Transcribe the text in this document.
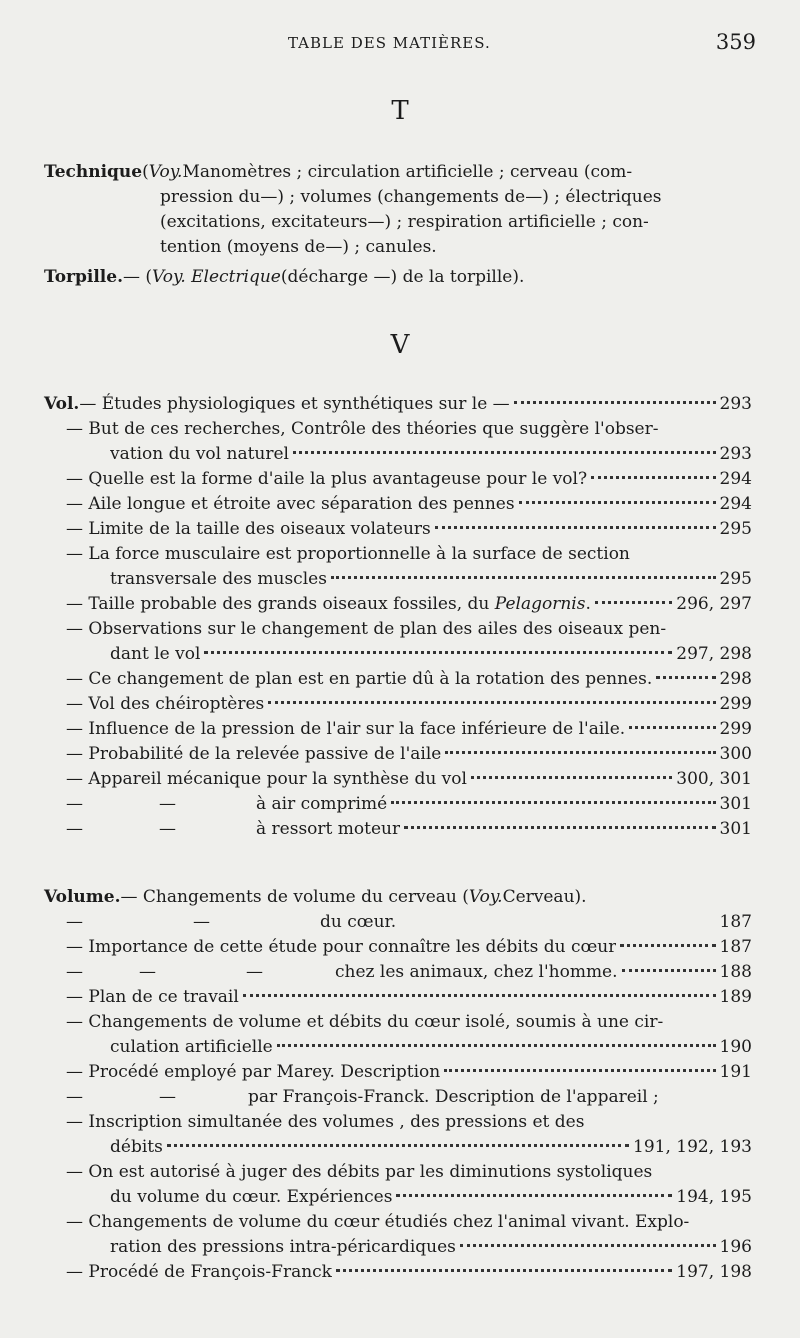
TABLE DES MATIÈRES.	359
T
Technique ( Voy. Manomètres ; circulation artificielle ; cerveau (com-
pression du—) ; volumes (changements de—) ; électriques
(excitations, excitateurs—) ; respiration artificielle ; con-
tention (moyens de—) ; canules.
Torpille. — ( Voy. Electrique (décharge —) de la torpille).
V
Vol. — Études physiologiques et synthétiques sur le —	293
— But de ces recherches, Contrôle des théories que suggère l'obser-
vation du vol naturel	293
— Quelle est la forme d'aile la plus avantageuse pour le vol?	294
— Aile longue et étroite avec séparation des pennes	294
— Limite de la taille des oiseaux volateurs	295
— La force musculaire est proportionnelle à la surface de section
transversale des muscles	295
— Taille probable des grands oiseaux fossiles, du Pelagornis.	296, 297
— Observations sur le changement de plan des ailes des oiseaux pen-
dant le vol	297, 298
— Ce changement de plan est en partie dû à la rotation des pennes.	298
— Vol des chéiroptères	299
— Influence de la pression de l'air sur la face inférieure de l'aile.	299
— Probabilité de la relevée passive de l'aile	300
— Appareil mécanique pour la synthèse du vol	300, 301
—	—	à air comprimé	301
—	—	à ressort moteur	301
Volume. — Changements de volume du cerveau ( Voy. Cerveau).
—	—	du cœur.	187
— Importance de cette étude pour connaître les débits du cœur	187
—	—	—	chez les animaux, chez l'homme.	188
— Plan de ce travail	189
— Changements de volume et débits du cœur isolé, soumis à une cir-
culation artificielle	190
— Procédé employé par Marey. Description	191
—	—	par François-Franck. Description de l'appareil ;
— Inscription simultanée des volumes , des pressions et des
débits	191, 192, 193
— On est autorisé à juger des débits par les diminutions systoliques
du volume du cœur. Expériences	194, 195
— Changements de volume du cœur étudiés chez l'animal vivant. Explo-
ration des pressions intra-péricardiques	196
— Procédé de François-Franck	197, 198
